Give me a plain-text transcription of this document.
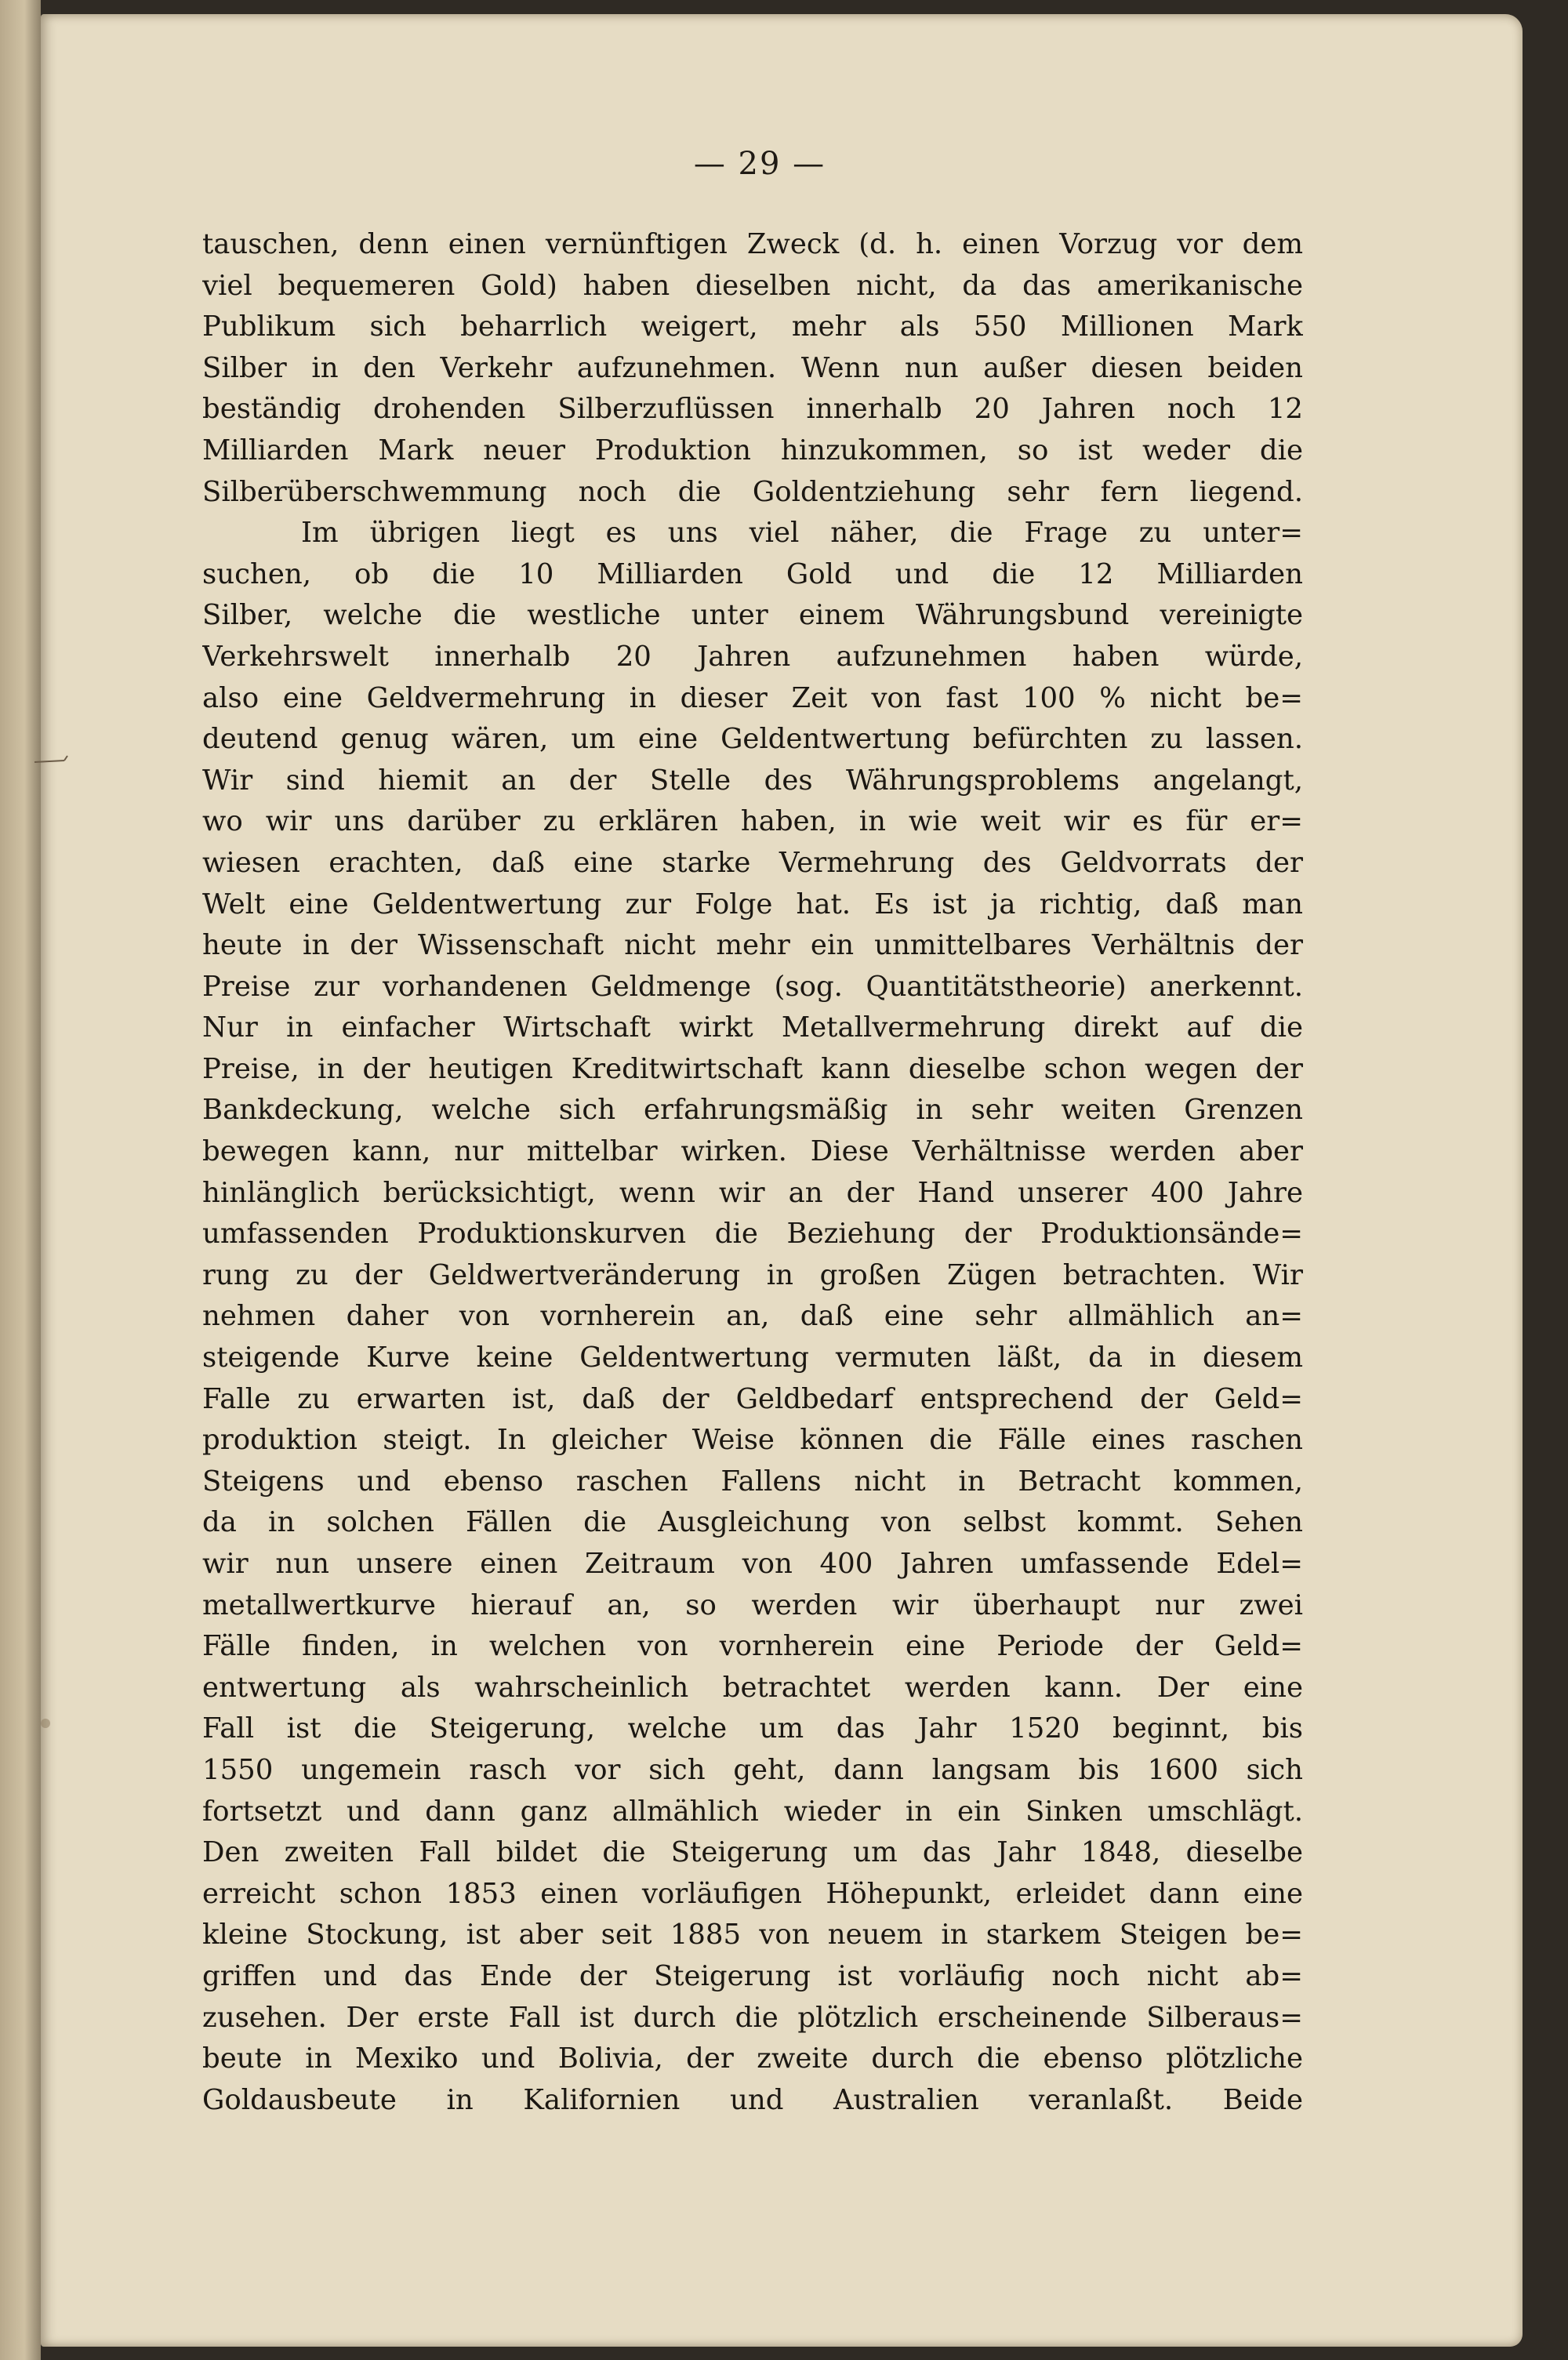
— 29 —
tauschen, denn einen vernünftigen Zweck (d. h. einen Vorzug vor dem
viel bequemeren Gold) haben dieselben nicht, da das amerikanische
Publikum sich beharrlich weigert, mehr als 550 Millionen Mark
Silber in den Verkehr aufzunehmen. Wenn nun außer diesen beiden
beständig drohenden Silberzuflüssen innerhalb 20 Jahren noch 12
Milliarden Mark neuer Produktion hinzukommen, so ist weder die
Silberüberschwemmung noch die Goldentziehung sehr fern liegend.
Im übrigen liegt es uns viel näher, die Frage zu unter=
suchen, ob die 10 Milliarden Gold und die 12 Milliarden
Silber, welche die westliche unter einem Währungsbund vereinigte
Verkehrswelt innerhalb 20 Jahren aufzunehmen haben würde,
also eine Geldvermehrung in dieser Zeit von fast 100 % nicht be=
deutend genug wären, um eine Geldentwertung befürchten zu lassen.
Wir sind hiemit an der Stelle des Währungsproblems angelangt,
wo wir uns darüber zu erklären haben, in wie weit wir es für er=
wiesen erachten, daß eine starke Vermehrung des Geldvorrats der
Welt eine Geldentwertung zur Folge hat. Es ist ja richtig, daß man
heute in der Wissenschaft nicht mehr ein unmittelbares Verhältnis der
Preise zur vorhandenen Geldmenge (sog. Quantitätstheorie) anerkennt.
Nur in einfacher Wirtschaft wirkt Metallvermehrung direkt auf die
Preise, in der heutigen Kreditwirtschaft kann dieselbe schon wegen der
Bankdeckung, welche sich erfahrungsmäßig in sehr weiten Grenzen
bewegen kann, nur mittelbar wirken. Diese Verhältnisse werden aber
hinlänglich berücksichtigt, wenn wir an der Hand unserer 400 Jahre
umfassenden Produktionskurven die Beziehung der Produktionsände=
rung zu der Geldwertveränderung in großen Zügen betrachten. Wir
nehmen daher von vornherein an, daß eine sehr allmählich an=
steigende Kurve keine Geldentwertung vermuten läßt, da in diesem
Falle zu erwarten ist, daß der Geldbedarf entsprechend der Geld=
produktion steigt. In gleicher Weise können die Fälle eines raschen
Steigens und ebenso raschen Fallens nicht in Betracht kommen,
da in solchen Fällen die Ausgleichung von selbst kommt. Sehen
wir nun unsere einen Zeitraum von 400 Jahren umfassende Edel=
metallwertkurve hierauf an, so werden wir überhaupt nur zwei
Fälle finden, in welchen von vornherein eine Periode der Geld=
entwertung als wahrscheinlich betrachtet werden kann. Der eine
Fall ist die Steigerung, welche um das Jahr 1520 beginnt, bis
1550 ungemein rasch vor sich geht, dann langsam bis 1600 sich
fortsetzt und dann ganz allmählich wieder in ein Sinken umschlägt.
Den zweiten Fall bildet die Steigerung um das Jahr 1848, dieselbe
erreicht schon 1853 einen vorläufigen Höhepunkt, erleidet dann eine
kleine Stockung, ist aber seit 1885 von neuem in starkem Steigen be=
griffen und das Ende der Steigerung ist vorläufig noch nicht ab=
zusehen. Der erste Fall ist durch die plötzlich erscheinende Silberaus=
beute in Mexiko und Bolivia, der zweite durch die ebenso plötzliche
Goldausbeute in Kalifornien und Australien veranlaßt. Beide
